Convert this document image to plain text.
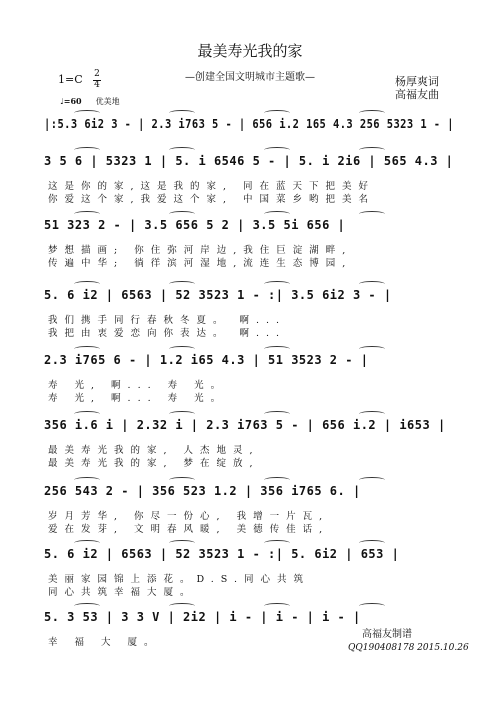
最美寿光我的家
—创建全国文明城市主题歌—	杨厚爽词
高福友曲
1=C 2
4
♩=60 优美地
|:5.3 6i2 3 - | 2.3 i763 5 - | 656 i.2 165 4.3 256 5323 1 - |
3 5 6 | 5323 1 | 5. i 6546 5 - | 5. i 2i6 | 565 4.3 |
这是你的家,这是我的家, 同在蓝天下把美好
你爱这个家,我爱这个家, 中国菜乡哟把美名
51 323 2 - | 3.5 656 5 2 | 3.5 5i 656 |
梦想描画; 你住弥河岸边,我住巨淀湖畔,
传遍中华; 徜徉滨河湿地,流连生态博园,
5. 6 i2 | 6563 | 52 3523 1 - :| 3.5 6i2 3 - |
我们携手同行春秋冬夏。 啊...
我把由衷爱恋向你表达。 啊...
2.3 i765 6 - | 1.2 i65 4.3 | 51 3523 2 - |
寿 光, 啊... 寿 光。
寿 光, 啊... 寿 光。
356 i.6 i | 2.32 i | 2.3 i763 5 - | 656 i.2 | i653 |
最美寿光我的家, 人杰地灵,
最美寿光我的家, 梦在绽放,
256 543 2 - | 356 523 1.2 | 356 i765 6. |
岁月芳华, 你尽一份心, 我增一片瓦,
爱在发芽, 文明春风暖, 美德传佳话,
5. 6 i2 | 6563 | 52 3523 1 - :| 5. 6i2 | 653 |
美丽家园锦上添花。D.S.同心共筑
同心共筑幸福大厦。
5. 3 53 | 3 3 V | 2i2 | i - | i - | i - |
幸 福 大 厦。
高福友制谱
QQ190408178 2015.10.26
